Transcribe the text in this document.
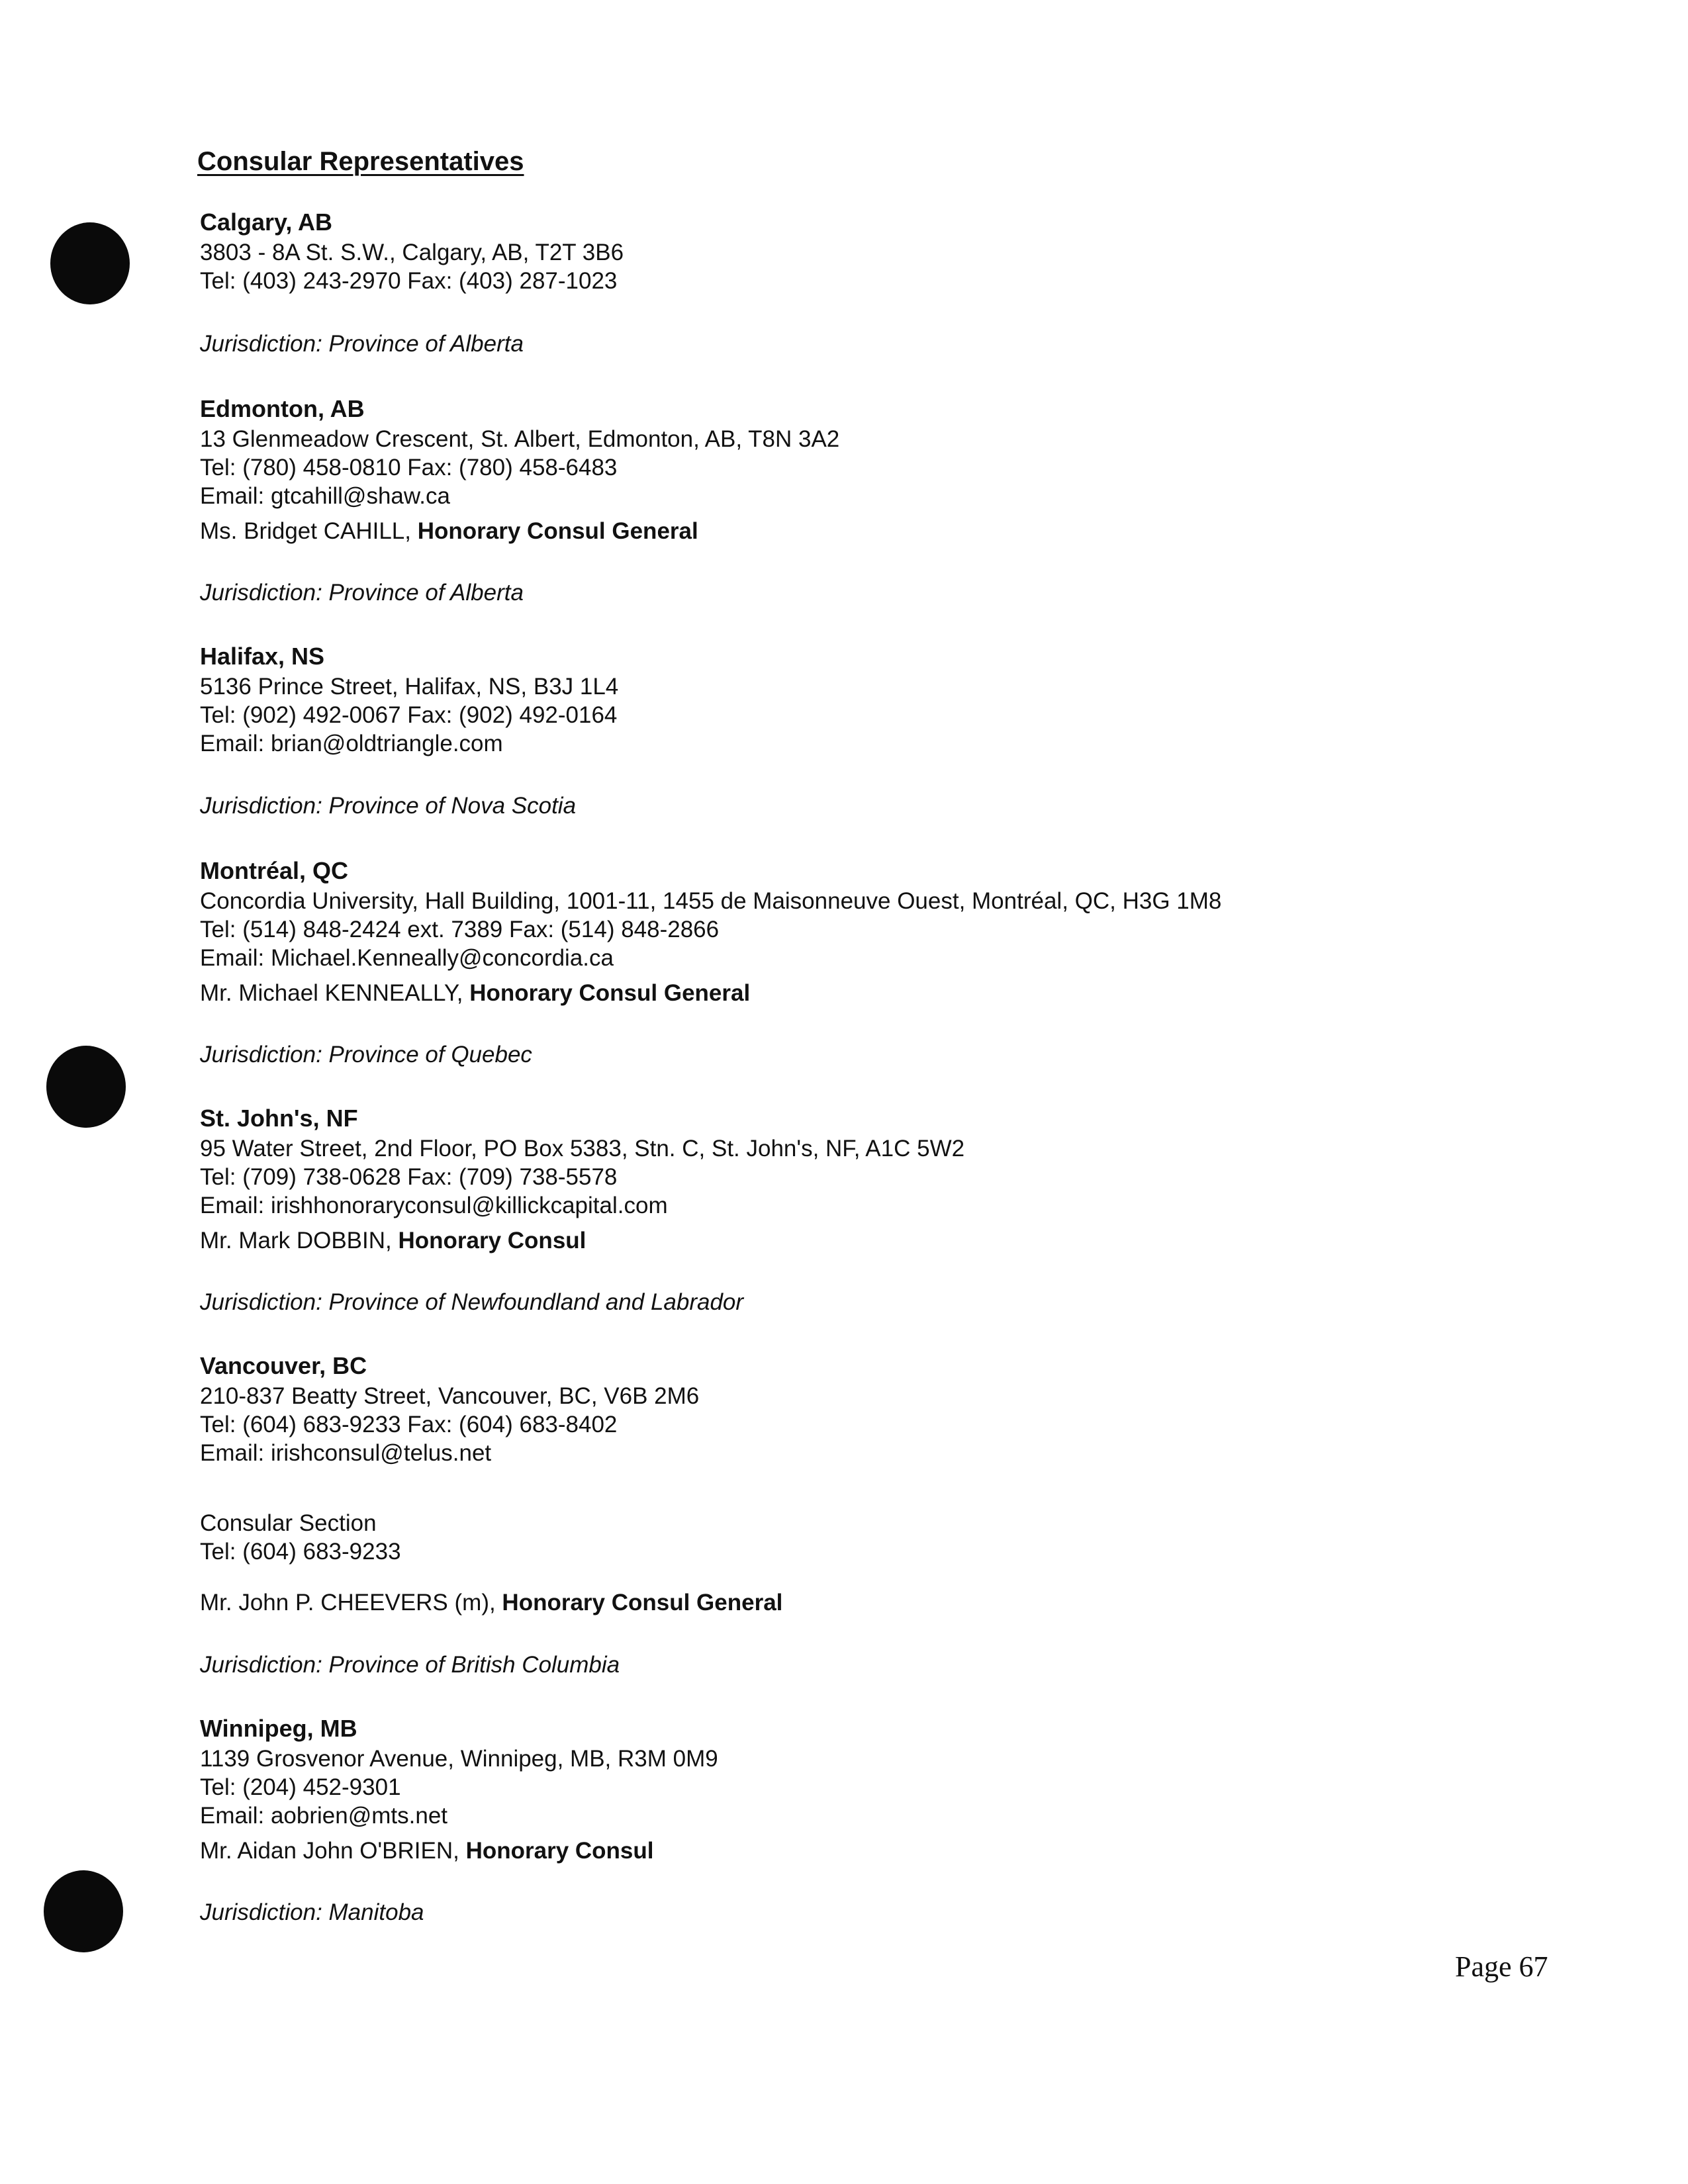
Consular Representatives
Calgary, AB
3803 - 8A St. S.W., Calgary, AB, T2T 3B6
Tel: (403) 243-2970 Fax: (403) 287-1023
Jurisdiction: Province of Alberta
Edmonton, AB
13 Glenmeadow Crescent, St. Albert, Edmonton, AB, T8N 3A2
Tel: (780) 458-0810 Fax: (780) 458-6483
Email: gtcahill@shaw.ca
Ms. Bridget CAHILL, Honorary Consul General
Jurisdiction: Province of Alberta
Halifax, NS
5136 Prince Street, Halifax, NS, B3J 1L4
Tel: (902) 492-0067 Fax: (902) 492-0164
Email: brian@oldtriangle.com
Jurisdiction: Province of Nova Scotia
Montréal, QC
Concordia University, Hall Building, 1001-11, 1455 de Maisonneuve Ouest, Montréal, QC, H3G 1M8
Tel: (514) 848-2424 ext. 7389 Fax: (514) 848-2866
Email: Michael.Kenneally@concordia.ca
Mr. Michael KENNEALLY, Honorary Consul General
Jurisdiction: Province of Quebec
St. John's, NF
95 Water Street, 2nd Floor, PO Box 5383, Stn. C, St. John's, NF, A1C 5W2
Tel: (709) 738-0628 Fax: (709) 738-5578
Email: irishhonoraryconsul@killickcapital.com
Mr. Mark DOBBIN, Honorary Consul
Jurisdiction: Province of Newfoundland and Labrador
Vancouver, BC
210-837 Beatty Street, Vancouver, BC, V6B 2M6
Tel: (604) 683-9233 Fax: (604) 683-8402
Email: irishconsul@telus.net
Consular Section
Tel: (604) 683-9233
Mr. John P. CHEEVERS (m), Honorary Consul General
Jurisdiction: Province of British Columbia
Winnipeg, MB
1139 Grosvenor Avenue, Winnipeg, MB, R3M 0M9
Tel: (204) 452-9301
Email: aobrien@mts.net
Mr. Aidan John O'BRIEN, Honorary Consul
Jurisdiction: Manitoba
Page 67
